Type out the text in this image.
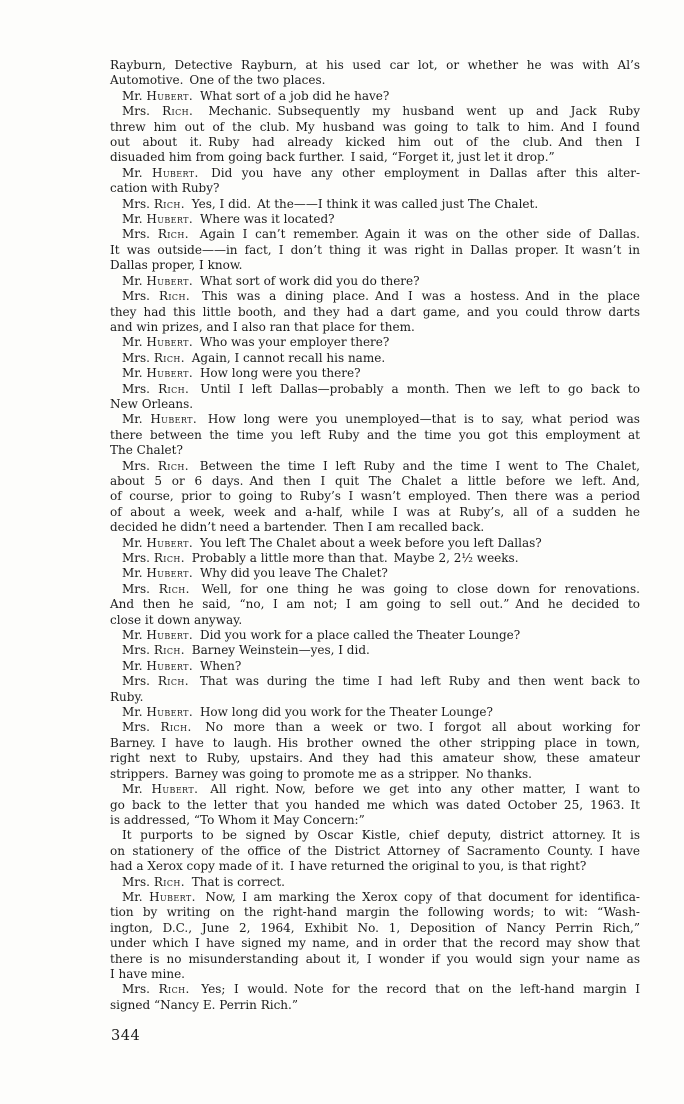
Rayburn, Detective Rayburn, at his used car lot, or whether he was with Al’s
Automotive. One of the two places.
Mr. Hubert. What sort of a job did he have?
Mrs. Rich. Mechanic. Subsequently my husband went up and Jack Ruby
threw him out of the club. My husband was going to talk to him. And I found
out about it. Ruby had already kicked him out of the club. And then I
disuaded him from going back further. I said, “Forget it, just let it drop.”
Mr. Hubert. Did you have any other employment in Dallas after this alter-
cation with Ruby?
Mrs. Rich. Yes, I did. At the——I think it was called just The Chalet.
Mr. Hubert. Where was it located?
Mrs. Rich. Again I can’t remember. Again it was on the other side of Dallas.
It was outside——in fact, I don’t thing it was right in Dallas proper. It wasn’t in
Dallas proper, I know.
Mr. Hubert. What sort of work did you do there?
Mrs. Rich. This was a dining place. And I was a hostess. And in the place
they had this little booth, and they had a dart game, and you could throw darts
and win prizes, and I also ran that place for them.
Mr. Hubert. Who was your employer there?
Mrs. Rich. Again, I cannot recall his name.
Mr. Hubert. How long were you there?
Mrs. Rich. Until I left Dallas—probably a month. Then we left to go back to
New Orleans.
Mr. Hubert. How long were you unemployed—that is to say, what period was
there between the time you left Ruby and the time you got this employment at
The Chalet?
Mrs. Rich. Between the time I left Ruby and the time I went to The Chalet,
about 5 or 6 days. And then I quit The Chalet a little before we left. And,
of course, prior to going to Ruby’s I wasn’t employed. Then there was a period
of about a week, week and a-half, while I was at Ruby’s, all of a sudden he
decided he didn’t need a bartender. Then I am recalled back.
Mr. Hubert. You left The Chalet about a week before you left Dallas?
Mrs. Rich. Probably a little more than that. Maybe 2, 2½ weeks.
Mr. Hubert. Why did you leave The Chalet?
Mrs. Rich. Well, for one thing he was going to close down for renovations.
And then he said, “no, I am not; I am going to sell out.” And he decided to
close it down anyway.
Mr. Hubert. Did you work for a place called the Theater Lounge?
Mrs. Rich. Barney Weinstein—yes, I did.
Mr. Hubert. When?
Mrs. Rich. That was during the time I had left Ruby and then went back to
Ruby.
Mr. Hubert. How long did you work for the Theater Lounge?
Mrs. Rich. No more than a week or two. I forgot all about working for
Barney. I have to laugh. His brother owned the other stripping place in town,
right next to Ruby, upstairs. And they had this amateur show, these amateur
strippers. Barney was going to promote me as a stripper. No thanks.
Mr. Hubert. All right. Now, before we get into any other matter, I want to
go back to the letter that you handed me which was dated October 25, 1963. It
is addressed, “To Whom it May Concern:”
It purports to be signed by Oscar Kistle, chief deputy, district attorney. It is
on stationery of the office of the District Attorney of Sacramento County. I have
had a Xerox copy made of it. I have returned the original to you, is that right?
Mrs. Rich. That is correct.
Mr. Hubert. Now, I am marking the Xerox copy of that document for identifica-
tion by writing on the right-hand margin the following words; to wit: “Wash-
ington, D.C., June 2, 1964, Exhibit No. 1, Deposition of Nancy Perrin Rich,”
under which I have signed my name, and in order that the record may show that
there is no misunderstanding about it, I wonder if you would sign your name as
I have mine.
Mrs. Rich. Yes; I would. Note for the record that on the left-hand margin I
signed “Nancy E. Perrin Rich.”
344
